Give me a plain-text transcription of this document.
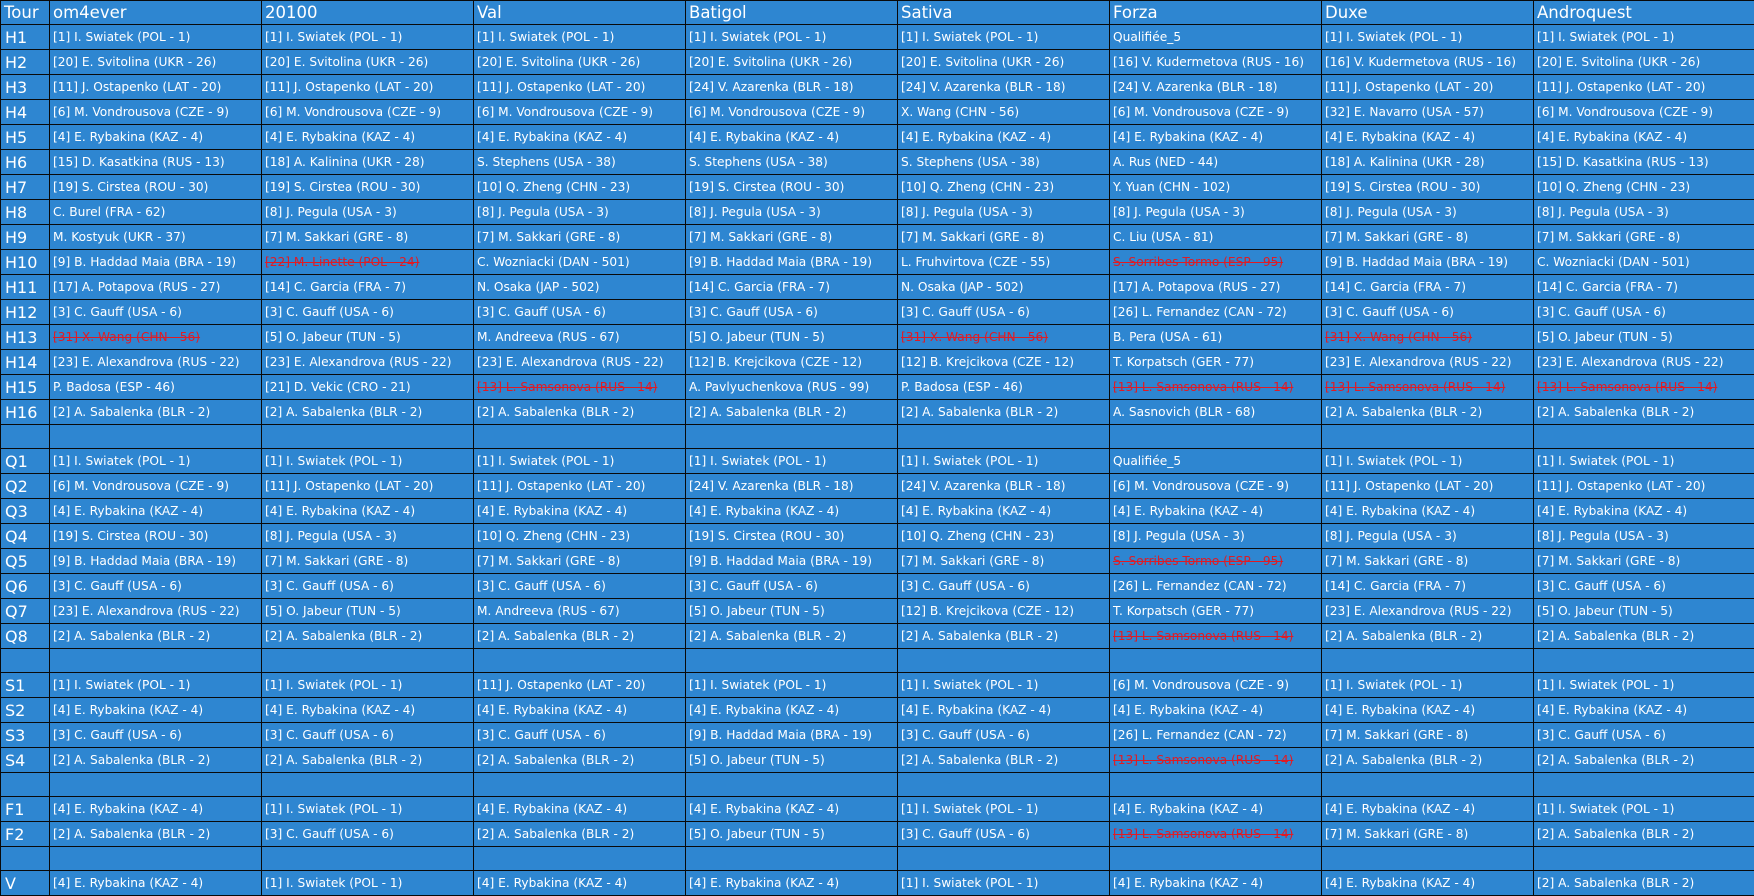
Tour	om4ever	20100	Val	Batigol	Sativa	Forza	Duxe	Androquest
H1	[1] I. Swiatek (POL - 1)	[1] I. Swiatek (POL - 1)	[1] I. Swiatek (POL - 1)	[1] I. Swiatek (POL - 1)	[1] I. Swiatek (POL - 1)	Qualifiée_5	[1] I. Swiatek (POL - 1)	[1] I. Swiatek (POL - 1)
H2	[20] E. Svitolina (UKR - 26)	[20] E. Svitolina (UKR - 26)	[20] E. Svitolina (UKR - 26)	[20] E. Svitolina (UKR - 26)	[20] E. Svitolina (UKR - 26)	[16] V. Kudermetova (RUS - 16)	[16] V. Kudermetova (RUS - 16)	[20] E. Svitolina (UKR - 26)
H3	[11] J. Ostapenko (LAT - 20)	[11] J. Ostapenko (LAT - 20)	[11] J. Ostapenko (LAT - 20)	[24] V. Azarenka (BLR - 18)	[24] V. Azarenka (BLR - 18)	[24] V. Azarenka (BLR - 18)	[11] J. Ostapenko (LAT - 20)	[11] J. Ostapenko (LAT - 20)
H4	[6] M. Vondrousova (CZE - 9)	[6] M. Vondrousova (CZE - 9)	[6] M. Vondrousova (CZE - 9)	[6] M. Vondrousova (CZE - 9)	X. Wang (CHN - 56)	[6] M. Vondrousova (CZE - 9)	[32] E. Navarro (USA - 57)	[6] M. Vondrousova (CZE - 9)
H5	[4] E. Rybakina (KAZ - 4)	[4] E. Rybakina (KAZ - 4)	[4] E. Rybakina (KAZ - 4)	[4] E. Rybakina (KAZ - 4)	[4] E. Rybakina (KAZ - 4)	[4] E. Rybakina (KAZ - 4)	[4] E. Rybakina (KAZ - 4)	[4] E. Rybakina (KAZ - 4)
H6	[15] D. Kasatkina (RUS - 13)	[18] A. Kalinina (UKR - 28)	S. Stephens (USA - 38)	S. Stephens (USA - 38)	S. Stephens (USA - 38)	A. Rus (NED - 44)	[18] A. Kalinina (UKR - 28)	[15] D. Kasatkina (RUS - 13)
H7	[19] S. Cirstea (ROU - 30)	[19] S. Cirstea (ROU - 30)	[10] Q. Zheng (CHN - 23)	[19] S. Cirstea (ROU - 30)	[10] Q. Zheng (CHN - 23)	Y. Yuan (CHN - 102)	[19] S. Cirstea (ROU - 30)	[10] Q. Zheng (CHN - 23)
H8	C. Burel (FRA - 62)	[8] J. Pegula (USA - 3)	[8] J. Pegula (USA - 3)	[8] J. Pegula (USA - 3)	[8] J. Pegula (USA - 3)	[8] J. Pegula (USA - 3)	[8] J. Pegula (USA - 3)	[8] J. Pegula (USA - 3)
H9	M. Kostyuk (UKR - 37)	[7] M. Sakkari (GRE - 8)	[7] M. Sakkari (GRE - 8)	[7] M. Sakkari (GRE - 8)	[7] M. Sakkari (GRE - 8)	C. Liu (USA - 81)	[7] M. Sakkari (GRE - 8)	[7] M. Sakkari (GRE - 8)
H10	[9] B. Haddad Maia (BRA - 19)	[22] M. Linette (POL - 24)	C. Wozniacki (DAN - 501)	[9] B. Haddad Maia (BRA - 19)	L. Fruhvirtova (CZE - 55)	S. Sorribes Tormo (ESP - 95)	[9] B. Haddad Maia (BRA - 19)	C. Wozniacki (DAN - 501)
H11	[17] A. Potapova (RUS - 27)	[14] C. Garcia (FRA - 7)	N. Osaka (JAP - 502)	[14] C. Garcia (FRA - 7)	N. Osaka (JAP - 502)	[17] A. Potapova (RUS - 27)	[14] C. Garcia (FRA - 7)	[14] C. Garcia (FRA - 7)
H12	[3] C. Gauff (USA - 6)	[3] C. Gauff (USA - 6)	[3] C. Gauff (USA - 6)	[3] C. Gauff (USA - 6)	[3] C. Gauff (USA - 6)	[26] L. Fernandez (CAN - 72)	[3] C. Gauff (USA - 6)	[3] C. Gauff (USA - 6)
H13	[31] X. Wang (CHN - 56)	[5] O. Jabeur (TUN - 5)	M. Andreeva (RUS - 67)	[5] O. Jabeur (TUN - 5)	[31] X. Wang (CHN - 56)	B. Pera (USA - 61)	[31] X. Wang (CHN - 56)	[5] O. Jabeur (TUN - 5)
H14	[23] E. Alexandrova (RUS - 22)	[23] E. Alexandrova (RUS - 22)	[23] E. Alexandrova (RUS - 22)	[12] B. Krejcikova (CZE - 12)	[12] B. Krejcikova (CZE - 12)	T. Korpatsch (GER - 77)	[23] E. Alexandrova (RUS - 22)	[23] E. Alexandrova (RUS - 22)
H15	P. Badosa (ESP - 46)	[21] D. Vekic (CRO - 21)	[13] L. Samsonova (RUS - 14)	A. Pavlyuchenkova (RUS - 99)	P. Badosa (ESP - 46)	[13] L. Samsonova (RUS - 14)	[13] L. Samsonova (RUS - 14)	[13] L. Samsonova (RUS - 14)
H16	[2] A. Sabalenka (BLR - 2)	[2] A. Sabalenka (BLR - 2)	[2] A. Sabalenka (BLR - 2)	[2] A. Sabalenka (BLR - 2)	[2] A. Sabalenka (BLR - 2)	A. Sasnovich (BLR - 68)	[2] A. Sabalenka (BLR - 2)	[2] A. Sabalenka (BLR - 2)

Q1	[1] I. Swiatek (POL - 1)	[1] I. Swiatek (POL - 1)	[1] I. Swiatek (POL - 1)	[1] I. Swiatek (POL - 1)	[1] I. Swiatek (POL - 1)	Qualifiée_5	[1] I. Swiatek (POL - 1)	[1] I. Swiatek (POL - 1)
Q2	[6] M. Vondrousova (CZE - 9)	[11] J. Ostapenko (LAT - 20)	[11] J. Ostapenko (LAT - 20)	[24] V. Azarenka (BLR - 18)	[24] V. Azarenka (BLR - 18)	[6] M. Vondrousova (CZE - 9)	[11] J. Ostapenko (LAT - 20)	[11] J. Ostapenko (LAT - 20)
Q3	[4] E. Rybakina (KAZ - 4)	[4] E. Rybakina (KAZ - 4)	[4] E. Rybakina (KAZ - 4)	[4] E. Rybakina (KAZ - 4)	[4] E. Rybakina (KAZ - 4)	[4] E. Rybakina (KAZ - 4)	[4] E. Rybakina (KAZ - 4)	[4] E. Rybakina (KAZ - 4)
Q4	[19] S. Cirstea (ROU - 30)	[8] J. Pegula (USA - 3)	[10] Q. Zheng (CHN - 23)	[19] S. Cirstea (ROU - 30)	[10] Q. Zheng (CHN - 23)	[8] J. Pegula (USA - 3)	[8] J. Pegula (USA - 3)	[8] J. Pegula (USA - 3)
Q5	[9] B. Haddad Maia (BRA - 19)	[7] M. Sakkari (GRE - 8)	[7] M. Sakkari (GRE - 8)	[9] B. Haddad Maia (BRA - 19)	[7] M. Sakkari (GRE - 8)	S. Sorribes Tormo (ESP - 95)	[7] M. Sakkari (GRE - 8)	[7] M. Sakkari (GRE - 8)
Q6	[3] C. Gauff (USA - 6)	[3] C. Gauff (USA - 6)	[3] C. Gauff (USA - 6)	[3] C. Gauff (USA - 6)	[3] C. Gauff (USA - 6)	[26] L. Fernandez (CAN - 72)	[14] C. Garcia (FRA - 7)	[3] C. Gauff (USA - 6)
Q7	[23] E. Alexandrova (RUS - 22)	[5] O. Jabeur (TUN - 5)	M. Andreeva (RUS - 67)	[5] O. Jabeur (TUN - 5)	[12] B. Krejcikova (CZE - 12)	T. Korpatsch (GER - 77)	[23] E. Alexandrova (RUS - 22)	[5] O. Jabeur (TUN - 5)
Q8	[2] A. Sabalenka (BLR - 2)	[2] A. Sabalenka (BLR - 2)	[2] A. Sabalenka (BLR - 2)	[2] A. Sabalenka (BLR - 2)	[2] A. Sabalenka (BLR - 2)	[13] L. Samsonova (RUS - 14)	[2] A. Sabalenka (BLR - 2)	[2] A. Sabalenka (BLR - 2)

S1	[1] I. Swiatek (POL - 1)	[1] I. Swiatek (POL - 1)	[11] J. Ostapenko (LAT - 20)	[1] I. Swiatek (POL - 1)	[1] I. Swiatek (POL - 1)	[6] M. Vondrousova (CZE - 9)	[1] I. Swiatek (POL - 1)	[1] I. Swiatek (POL - 1)
S2	[4] E. Rybakina (KAZ - 4)	[4] E. Rybakina (KAZ - 4)	[4] E. Rybakina (KAZ - 4)	[4] E. Rybakina (KAZ - 4)	[4] E. Rybakina (KAZ - 4)	[4] E. Rybakina (KAZ - 4)	[4] E. Rybakina (KAZ - 4)	[4] E. Rybakina (KAZ - 4)
S3	[3] C. Gauff (USA - 6)	[3] C. Gauff (USA - 6)	[3] C. Gauff (USA - 6)	[9] B. Haddad Maia (BRA - 19)	[3] C. Gauff (USA - 6)	[26] L. Fernandez (CAN - 72)	[7] M. Sakkari (GRE - 8)	[3] C. Gauff (USA - 6)
S4	[2] A. Sabalenka (BLR - 2)	[2] A. Sabalenka (BLR - 2)	[2] A. Sabalenka (BLR - 2)	[5] O. Jabeur (TUN - 5)	[2] A. Sabalenka (BLR - 2)	[13] L. Samsonova (RUS - 14)	[2] A. Sabalenka (BLR - 2)	[2] A. Sabalenka (BLR - 2)

F1	[4] E. Rybakina (KAZ - 4)	[1] I. Swiatek (POL - 1)	[4] E. Rybakina (KAZ - 4)	[4] E. Rybakina (KAZ - 4)	[1] I. Swiatek (POL - 1)	[4] E. Rybakina (KAZ - 4)	[4] E. Rybakina (KAZ - 4)	[1] I. Swiatek (POL - 1)
F2	[2] A. Sabalenka (BLR - 2)	[3] C. Gauff (USA - 6)	[2] A. Sabalenka (BLR - 2)	[5] O. Jabeur (TUN - 5)	[3] C. Gauff (USA - 6)	[13] L. Samsonova (RUS - 14)	[7] M. Sakkari (GRE - 8)	[2] A. Sabalenka (BLR - 2)

V	[4] E. Rybakina (KAZ - 4)	[1] I. Swiatek (POL - 1)	[4] E. Rybakina (KAZ - 4)	[4] E. Rybakina (KAZ - 4)	[1] I. Swiatek (POL - 1)	[4] E. Rybakina (KAZ - 4)	[4] E. Rybakina (KAZ - 4)	[2] A. Sabalenka (BLR - 2)
